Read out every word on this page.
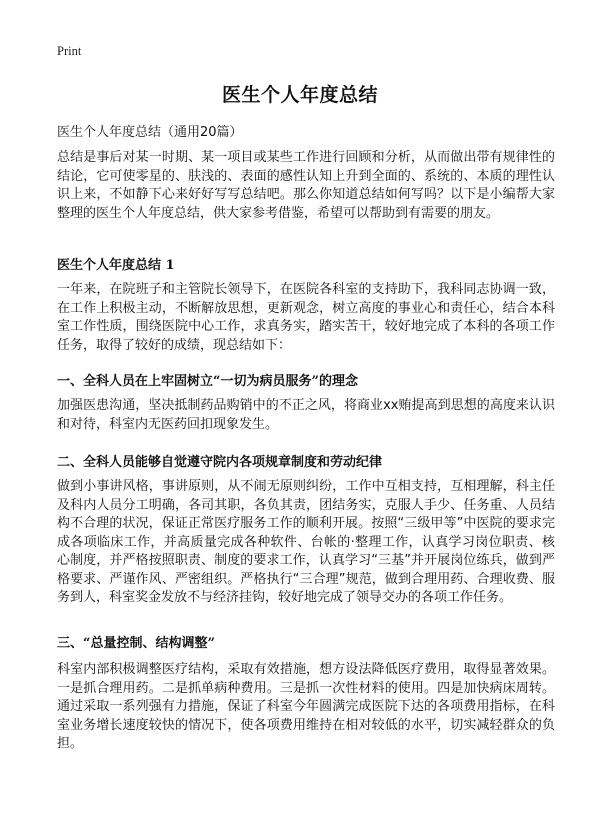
Print
医生个人年度总结
医生个人年度总结（通用20篇）

总结是事后对某一时期、某一项目或某些工作进行回顾和分析，从而做出带有规律性的结论，它可使零星的、肤浅的、表面的感性认知上升到全面的、系统的、本质的理性认识上来，不如静下心来好好写写总结吧。那么你知道总结如何写吗？以下是小编帮大家整理的医生个人年度总结，供大家参考借鉴，希望可以帮助到有需要的朋友。

医生个人年度总结 1

一年来，在院班子和主管院长领导下，在医院各科室的支持助下，我科同志协调一致，在工作上积极主动，不断解放思想，更新观念，树立高度的事业心和责任心，结合本科室工作性质，围绕医院中心工作，求真务实，踏实苦干，较好地完成了本科的各项工作任务，取得了较好的成绩，现总结如下：

一、全科人员在上牢固树立“一切为病员服务”的理念

加强医患沟通，坚决抵制药品购销中的不正之风，将商业xx贿提高到思想的高度来认识和对待，科室内无医药回扣现象发生。

二、全科人员能够自觉遵守院内各项规章制度和劳动纪律

做到小事讲风格，事讲原则，从不闹无原则纠纷，工作中互相支持，互相理解，科主任及科内人员分工明确，各司其职，各负其责，团结务实，克服人手少、任务重、人员结构不合理的状况，保证正常医疗服务工作的顺利开展。按照“三级甲等”中医院的要求完成各项临床工作，并高质量完成各种软件、台帐的·整理工作，认真学习岗位职责、核心制度，并严格按照职责、制度的要求工作，认真学习“三基”并开展岗位练兵，做到严格要求、严谨作风、严密组织。严格执行“三合理”规范，做到合理用药、合理收费、服务到人，科室奖金发放不与经济挂钩，较好地完成了领导交办的各项工作任务。

三、“总量控制、结构调整”

科室内部积极调整医疗结构，采取有效措施，想方设法降低医疗费用，取得显著效果。一是抓合理用药。二是抓单病种费用。三是抓一次性材料的使用。四是加快病床周转。通过采取一系列强有力措施，保证了科室今年圆满完成医院下达的各项费用指标，在科室业务增长速度较快的情况下，使各项费用维持在相对较低的水平，切实减轻群众的负担。
